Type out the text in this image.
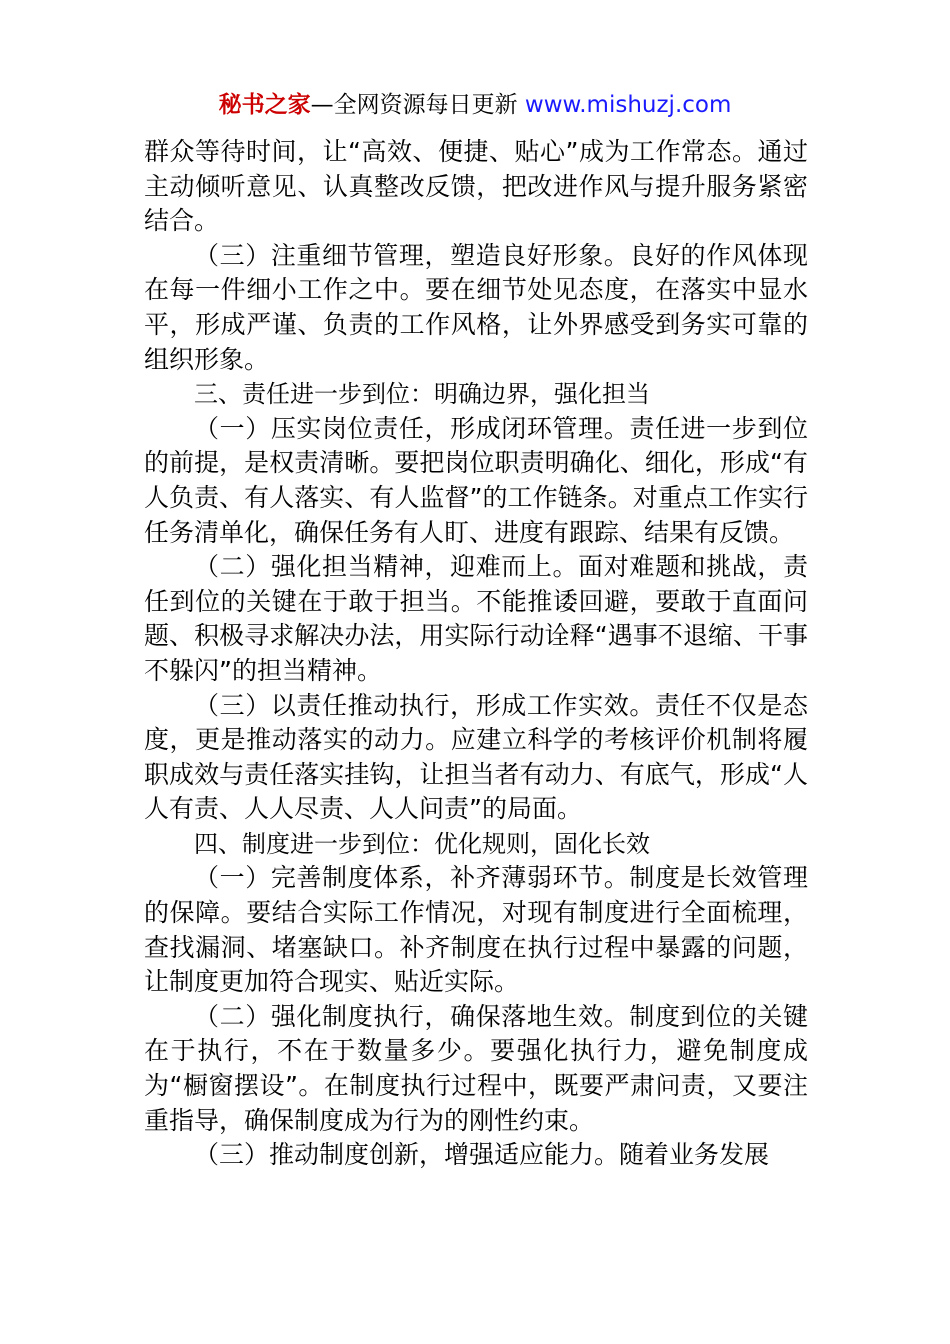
秘书之家—全网资源每日更新 www.mishuzj.com

群众等待时间，让“高效、便捷、贴心”成为工作常态。通过主动倾听意见、认真整改反馈，把改进作风与提升服务紧密结合。

（三）注重细节管理，塑造良好形象。良好的作风体现在每一件细小工作之中。要在细节处见态度，在落实中显水平，形成严谨、负责的工作风格，让外界感受到务实可靠的组织形象。

三、责任进一步到位：明确边界，强化担当

（一）压实岗位责任，形成闭环管理。责任进一步到位的前提，是权责清晰。要把岗位职责明确化、细化，形成“有人负责、有人落实、有人监督”的工作链条。对重点工作实行任务清单化，确保任务有人盯、进度有跟踪、结果有反馈。

（二）强化担当精神，迎难而上。面对难题和挑战，责任到位的关键在于敢于担当。不能推诿回避，要敢于直面问题、积极寻求解决办法，用实际行动诠释“遇事不退缩、干事不躲闪”的担当精神。

（三）以责任推动执行，形成工作实效。责任不仅是态度，更是推动落实的动力。应建立科学的考核评价机制将履职成效与责任落实挂钩，让担当者有动力、有底气，形成“人人有责、人人尽责、人人问责”的局面。

四、制度进一步到位：优化规则，固化长效

（一）完善制度体系，补齐薄弱环节。制度是长效管理的保障。要结合实际工作情况，对现有制度进行全面梳理，查找漏洞、堵塞缺口。补齐制度在执行过程中暴露的问题，让制度更加符合现实、贴近实际。

（二）强化制度执行，确保落地生效。制度到位的关键在于执行，不在于数量多少。要强化执行力，避免制度成为“橱窗摆设”。在制度执行过程中，既要严肃问责，又要注重指导，确保制度成为行为的刚性约束。

（三）推动制度创新，增强适应能力。随着业务发展
